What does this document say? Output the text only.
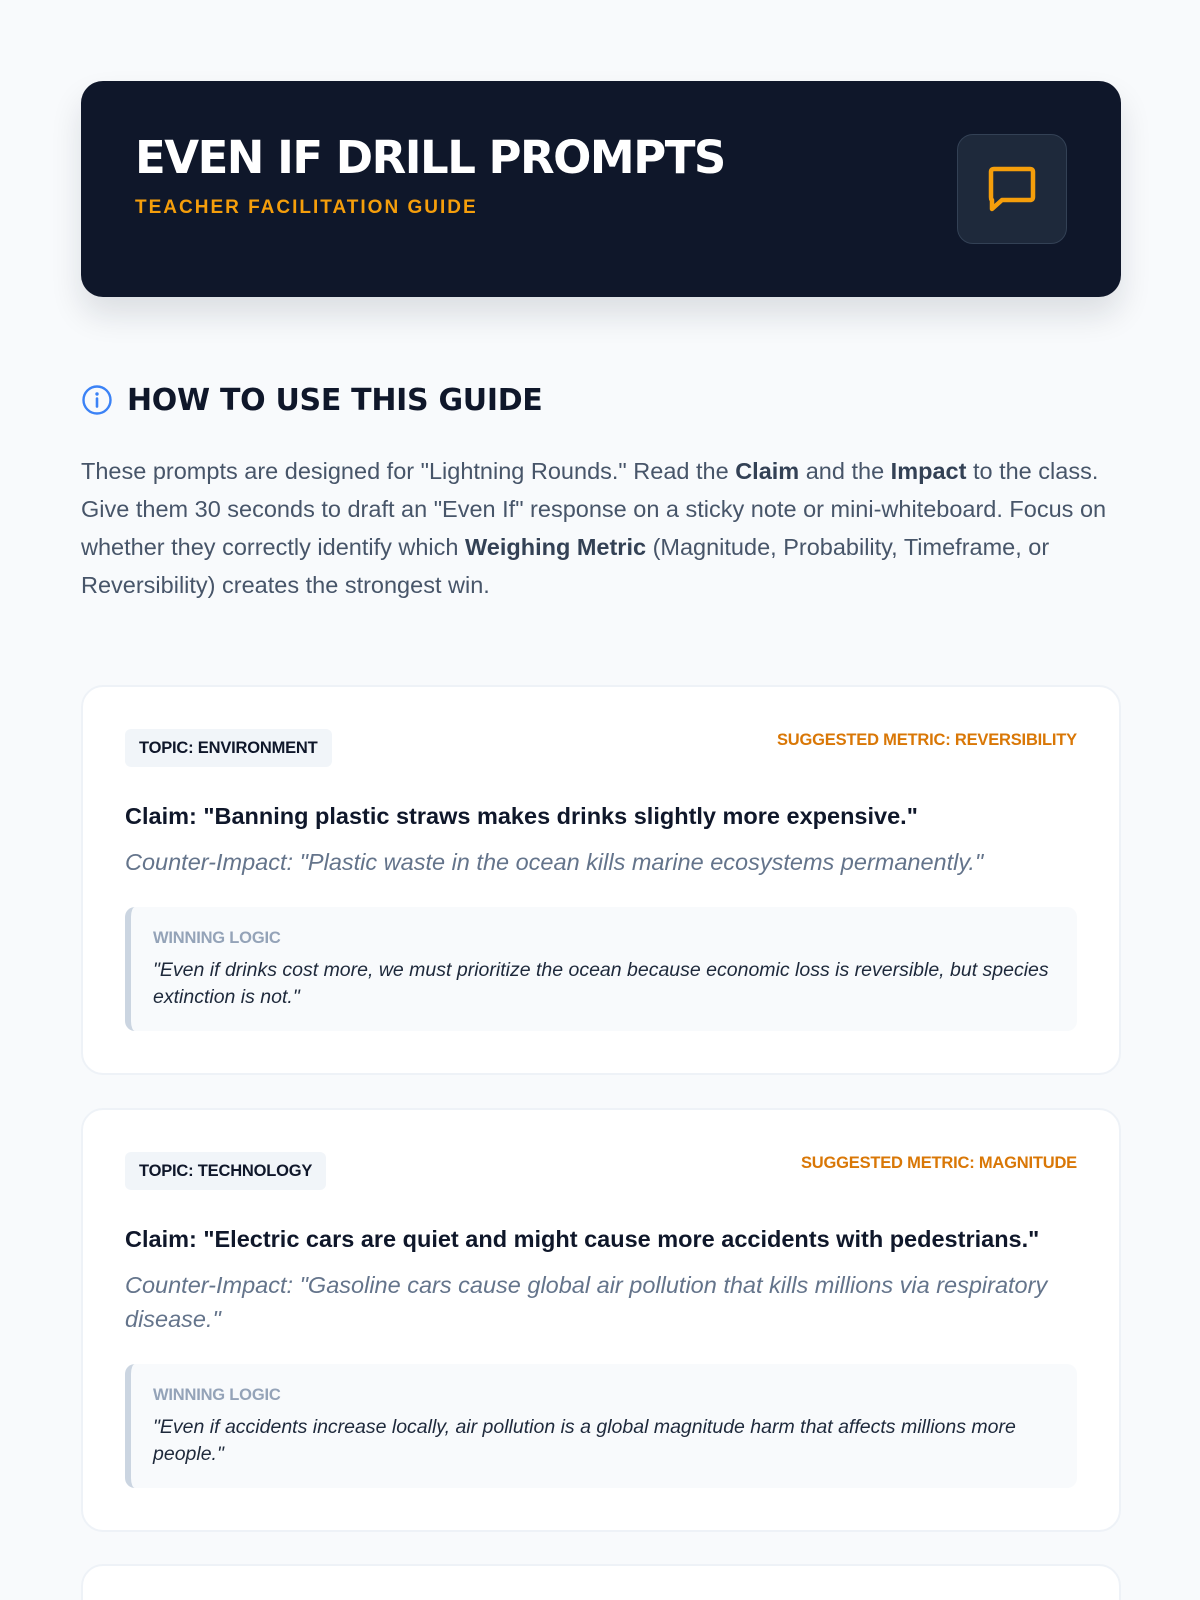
EVEN IF DRILL PROMPTS
TEACHER FACILITATION GUIDE
HOW TO USE THIS GUIDE

These prompts are designed for "Lightning Rounds." Read the Claim and the Impact to the class. Give them 30 seconds to draft an "Even If" response on a sticky note or mini-whiteboard. Focus on whether they correctly identify which Weighing Metric (Magnitude, Probability, Timeframe, or Reversibility) creates the strongest win.

TOPIC: ENVIRONMENT	SUGGESTED METRIC: REVERSIBILITY
Claim: "Banning plastic straws makes drinks slightly more expensive."
Counter-Impact: "Plastic waste in the ocean kills marine ecosystems permanently."
WINNING LOGIC
"Even if drinks cost more, we must prioritize the ocean because economic loss is reversible, but species extinction is not."
TOPIC: TECHNOLOGY	SUGGESTED METRIC: MAGNITUDE
Claim: "Electric cars are quiet and might cause more accidents with pedestrians."
Counter-Impact: "Gasoline cars cause global air pollution that kills millions via respiratory disease."
WINNING LOGIC
"Even if accidents increase locally, air pollution is a global magnitude harm that affects millions more people."
